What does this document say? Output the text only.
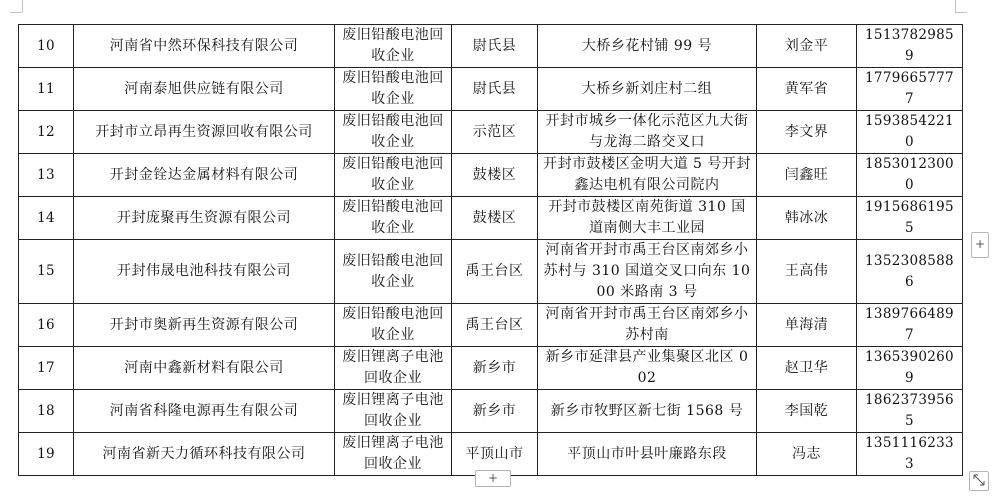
10	河南省中然环保科技有限公司	废旧铅酸电池回收企业	尉氏县	大桥乡花村铺 99 号	刘金平	15137829859
11	河南泰旭供应链有限公司	废旧铅酸电池回收企业	尉氏县	大桥乡新刘庄村二组	黄军省	17796657777
12	开封市立昂再生资源回收有限公司	废旧铅酸电池回收企业	示范区	开封市城乡一体化示范区九大街与龙海二路交叉口	李文界	15938542210
13	开封金铨达金属材料有限公司	废旧铅酸电池回收企业	鼓楼区	开封市鼓楼区金明大道 5 号开封鑫达电机有限公司院内	闫鑫旺	18530123000
14	开封庞聚再生资源有限公司	废旧铅酸电池回收企业	鼓楼区	开封市鼓楼区南苑街道 310 国道南侧大丰工业园	韩冰冰	19156861955
15	开封伟晟电池科技有限公司	废旧铅酸电池回收企业	禹王台区	河南省开封市禹王台区南郊乡小苏村与 310 国道交叉口向东 1000 米路南 3 号	王高伟	13523085886
16	开封市奥新再生资源有限公司	废旧铅酸电池回收企业	禹王台区	河南省开封市禹王台区南郊乡小苏村南	单海清	13897664897
17	河南中鑫新材料有限公司	废旧锂离子电池回收企业	新乡市	新乡市延津县产业集聚区北区 002	赵卫华	13653902609
18	河南省科隆电源再生有限公司	废旧锂离子电池回收企业	新乡市	新乡市牧野区新七街 1568 号	李国乾	18623739565
19	河南省新天力循环科技有限公司	废旧锂离子电池回收企业	平顶山市	平顶山市叶县叶廉路东段	冯志	13511162333
+
+
